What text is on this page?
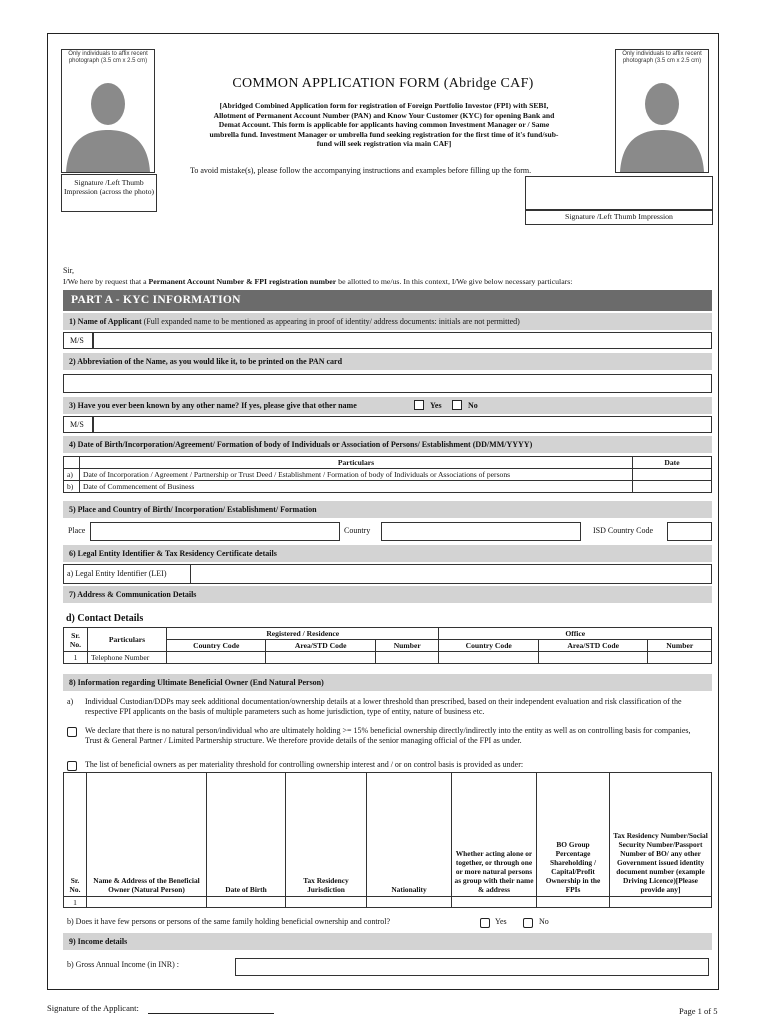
Only individuals to affix recent photograph (3.5 cm x 2.5 cm)
Only individuals to affix recent photograph (3.5 cm x 2.5 cm)
COMMON APPLICATION FORM (Abridge CAF)
[Abridged Combined Application form for registration of Foreign Portfolio Investor (FPI) with SEBI, Allotment of Permanent Account Number (PAN) and Know Your Customer (KYC) for opening Bank and Demat Account. This form is applicable for applicants having common Investment Manager or / Same umbrella fund. Investment Manager or umbrella fund seeking registration for the first time of it's fund/sub-fund will seek registration via main CAF]
To avoid mistake(s), please follow the accompanying instructions and examples before filling up the form.
Signature /Left Thumb Impression (across the photo)
Signature /Left Thumb Impression
Sir,
I/We here by request that a Permanent Account Number & FPI registration number be allotted to me/us. In this context, I/We give below necessary particulars:
PART A - KYC INFORMATION
1) Name of Applicant (Full expanded name to be mentioned as appearing in proof of identity/ address documents: initials are not permitted)
M/S
2) Abbreviation of the Name, as you would like it, to be printed on the PAN card
3) Have you ever been known by any other name? If yes, please give that other name	Yes	No
M/S
4) Date of Birth/Incorporation/Agreement/ Formation of body of Individuals or Association of Persons/ Establishment (DD/MM/YYYY)
	Particulars	Date
a)	Date of Incorporation / Agreement / Partnership or Trust Deed / Establishment / Formation of body of Individuals or Associations of persons	
b)	Date of Commencement of Business	
5) Place and Country of Birth/ Incorporation/ Establishment/ Formation
Place	Country	ISD Country Code
6) Legal Entity Identifier & Tax Residency Certificate details
a) Legal Entity Identifier (LEI)
7) Address & Communication Details
d) Contact Details
Sr. No.	Particulars	Registered / Residence			Office		
		Country Code	Area/STD Code	Number	Country Code	Area/STD Code	Number
1	Telephone Number						
8) Information regarding Ultimate Beneficial Owner (End Natural Person)
a) Individual Custodian/DDPs may seek additional documentation/ownership details at a lower threshold than prescribed, based on their independent evaluation and risk classification of the respective FPI applicants on the basis of multiple parameters such as home jurisdiction, type of entity, nature of business etc.
We declare that there is no natural person/individual who are ultimately holding >= 15% beneficial ownership directly/indirectly into the entity as well as on controlling basis for companies, Trust & General Partner / Limited Partnership structure. We therefore provide details of the senior managing official of the FPI as under.
The list of beneficial owners as per materiality threshold for controlling ownership interest and / or on control basis is provided as under:
Sr. No.	Name & Address of the Beneficial Owner (Natural Person)	Date of Birth	Tax Residency Jurisdiction	Nationality	Whether acting alone or together, or through one or more natural persons as group with their name & address	BO Group Percentage Shareholding / Capital/Profit Ownership in the FPIs	Tax Residency Number/Social Security Number/Passport Number of BO/ any other Government issued identity document number (example Driving Licence)[Please provide any]
1							
b) Does it have few persons or persons of the same family holding beneficial ownership and control?	Yes	No
9) Income details
b) Gross Annual Income (in INR) :
Signature of the Applicant:	Page 1 of 5
